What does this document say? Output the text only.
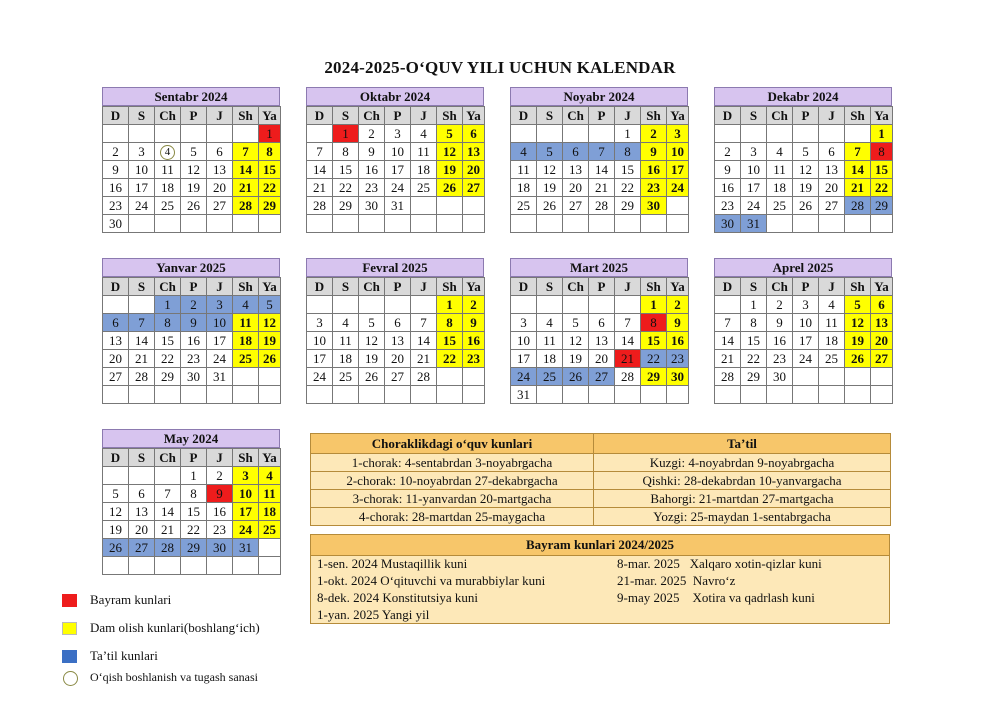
2024-2025-O‘QUV YILI UCHUN KALENDAR
Sentabr 2024
D	S	Ch	P	J	Sh	Ya
						1
2	3	4	5	6	7	8
9	10	11	12	13	14	15
16	17	18	19	20	21	22
23	24	25	26	27	28	29
30						
Oktabr 2024
D	S	Ch	P	J	Sh	Ya
	1	2	3	4	5	6
7	8	9	10	11	12	13
14	15	16	17	18	19	20
21	22	23	24	25	26	27
28	29	30	31			

Noyabr 2024
D	S	Ch	P	J	Sh	Ya
				1	2	3
4	5	6	7	8	9	10
11	12	13	14	15	16	17
18	19	20	21	22	23	24
25	26	27	28	29	30	

Dekabr 2024
D	S	Ch	P	J	Sh	Ya
						1
2	3	4	5	6	7	8
9	10	11	12	13	14	15
16	17	18	19	20	21	22
23	24	25	26	27	28	29
30	31					
Yanvar 2025
D	S	Ch	P	J	Sh	Ya
		1	2	3	4	5
6	7	8	9	10	11	12
13	14	15	16	17	18	19
20	21	22	23	24	25	26
27	28	29	30	31		

Fevral 2025
D	S	Ch	P	J	Sh	Ya
					1	2
3	4	5	6	7	8	9
10	11	12	13	14	15	16
17	18	19	20	21	22	23
24	25	26	27	28		

Mart 2025
D	S	Ch	P	J	Sh	Ya
					1	2
3	4	5	6	7	8	9
10	11	12	13	14	15	16
17	18	19	20	21	22	23
24	25	26	27	28	29	30
31						
Aprel 2025
D	S	Ch	P	J	Sh	Ya
	1	2	3	4	5	6
7	8	9	10	11	12	13
14	15	16	17	18	19	20
21	22	23	24	25	26	27
28	29	30				

May 2024
D	S	Ch	P	J	Sh	Ya
			1	2	3	4
5	6	7	8	9	10	11
12	13	14	15	16	17	18
19	20	21	22	23	24	25
26	27	28	29	30	31	

Choraklikdagi o‘quv kunlari	Ta’til
1-chorak: 4-sentabrdan 3-noyabrgacha	Kuzgi: 4-noyabrdan 9-noyabrgacha
2-chorak: 10-noyabrdan 27-dekabrgacha	Qishki: 28-dekabrdan 10-yanvargacha
3-chorak: 11-yanvardan 20-martgacha	Bahorgi: 21-martdan 27-martgacha
4-chorak: 28-martdan 25-maygacha	Yozgi: 25-maydan 1-sentabrgacha
Bayram kunlari 2024/2025
1-sen. 2024 Mustaqillik kuni
1-okt. 2024 O‘qituvchi va murabbiylar kuni
8-dek. 2024 Konstitutsiya kuni
1-yan. 2025 Yangi yil
8-mar. 2025   Xalqaro xotin-qizlar kuni
21-mar. 2025  Navro‘z
9-may 2025    Xotira va qadrlash kuni
Bayram kunlari
Dam olish kunlari(boshlang‘ich)
Ta’til kunlari
O‘qish boshlanish va tugash sanasi
